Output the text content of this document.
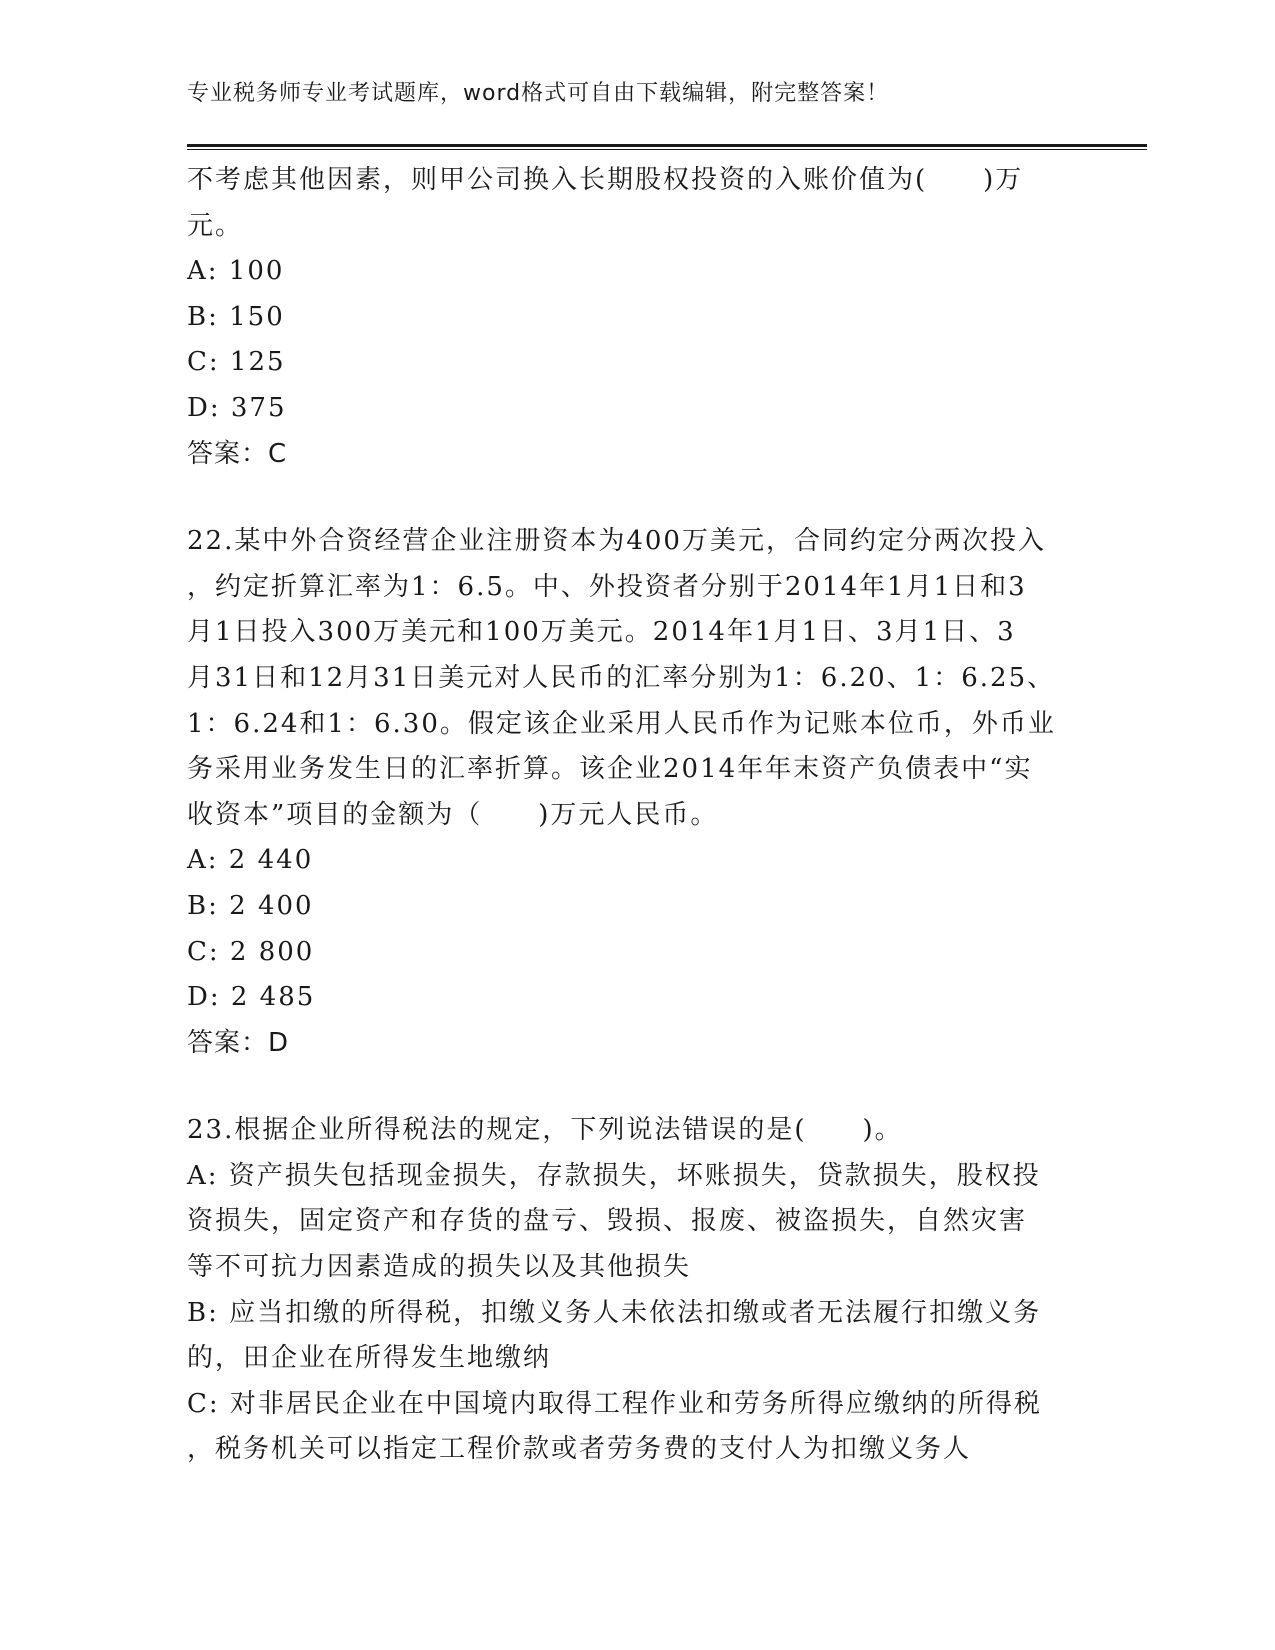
专业税务师专业考试题库，word格式可自由下载编辑，附完整答案！
不考虑其他因素，则甲公司换入长期股权投资的入账价值为(　　)万
元。
A: 100
B: 150
C: 125
D: 375
答案：C
22.某中外合资经营企业注册资本为400万美元，合同约定分两次投入
，约定折算汇率为1：6.5。中、外投资者分别于2014年1月1日和3
月1日投入300万美元和100万美元。2014年1月1日、3月1日、3
月31日和12月31日美元对人民币的汇率分别为1：6.20、1：6.25、
1：6.24和1：6.30。假定该企业采用人民币作为记账本位币，外币业
务采用业务发生日的汇率折算。该企业2014年年末资产负债表中“实
收资本”项目的金额为（　　)万元人民币。
A: 2 440
B: 2 400
C: 2 800
D: 2 485
答案：D
23.根据企业所得税法的规定，下列说法错误的是(　　)。
A: 资产损失包括现金损失，存款损失，坏账损失，贷款损失，股权投
资损失，固定资产和存货的盘亏、毁损、报废、被盗损失，自然灾害
等不可抗力因素造成的损失以及其他损失
B: 应当扣缴的所得税，扣缴义务人未依法扣缴或者无法履行扣缴义务
的，田企业在所得发生地缴纳
C: 对非居民企业在中国境内取得工程作业和劳务所得应缴纳的所得税
，税务机关可以指定工程价款或者劳务费的支付人为扣缴义务人
